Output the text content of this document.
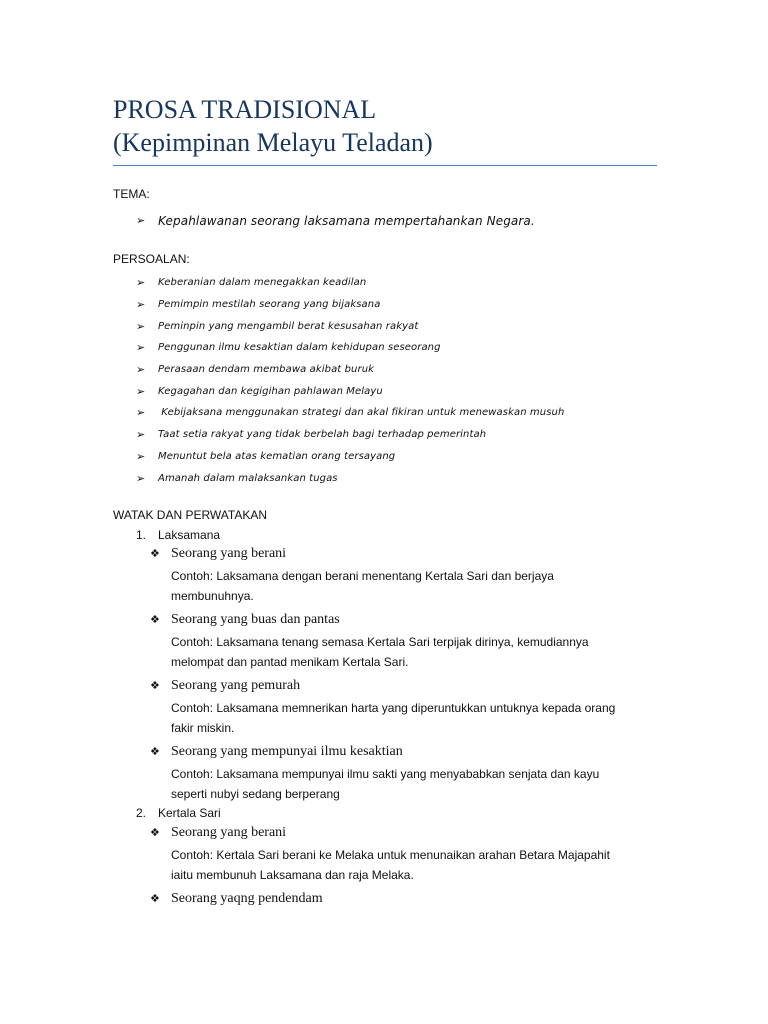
PROSA TRADISIONAL
(Kepimpinan Melayu Teladan)

TEMA:

➢	Kepahlawanan seorang laksamana mempertahankan Negara.

PERSOALAN:

➢	Keberanian dalam menegakkan keadilan
➢	Pemimpin mestilah seorang yang bijaksana
➢	Peminpin yang mengambil berat kesusahan rakyat
➢	Penggunan ilmu kesaktian dalam kehidupan seseorang
➢	Perasaan dendam membawa akibat buruk
➢	Kegagahan dan kegigihan pahlawan Melayu
➢	Kebijaksana menggunakan strategi dan akal fikiran untuk menewaskan musuh
➢	Taat setia rakyat yang tidak berbelah bagi terhadap pemerintah
➢	Menuntut bela atas kematian orang tersayang
➢	Amanah dalam malaksankan tugas

WATAK DAN PERWATAKAN

1. Laksamana
❖ Seorang yang berani
Contoh: Laksamana dengan berani menentang Kertala Sari dan berjaya
membunuhnya.
❖ Seorang yang buas dan pantas
Contoh: Laksamana tenang semasa Kertala Sari terpijak dirinya, kemudiannya
melompat dan pantad menikam Kertala Sari.
❖ Seorang yang pemurah
Contoh: Laksamana memnerikan harta yang diperuntukkan untuknya kepada orang
fakir miskin.
❖ Seorang yang mempunyai ilmu kesaktian
Contoh: Laksamana mempunyai ilmu sakti yang menyababkan senjata dan kayu
seperti nubyi sedang berperang
2. Kertala Sari
❖ Seorang yang berani
Contoh: Kertala Sari berani ke Melaka untuk menunaikan arahan Betara Majapahit
iaitu membunuh Laksamana dan raja Melaka.
❖ Seorang yaqng pendendam
